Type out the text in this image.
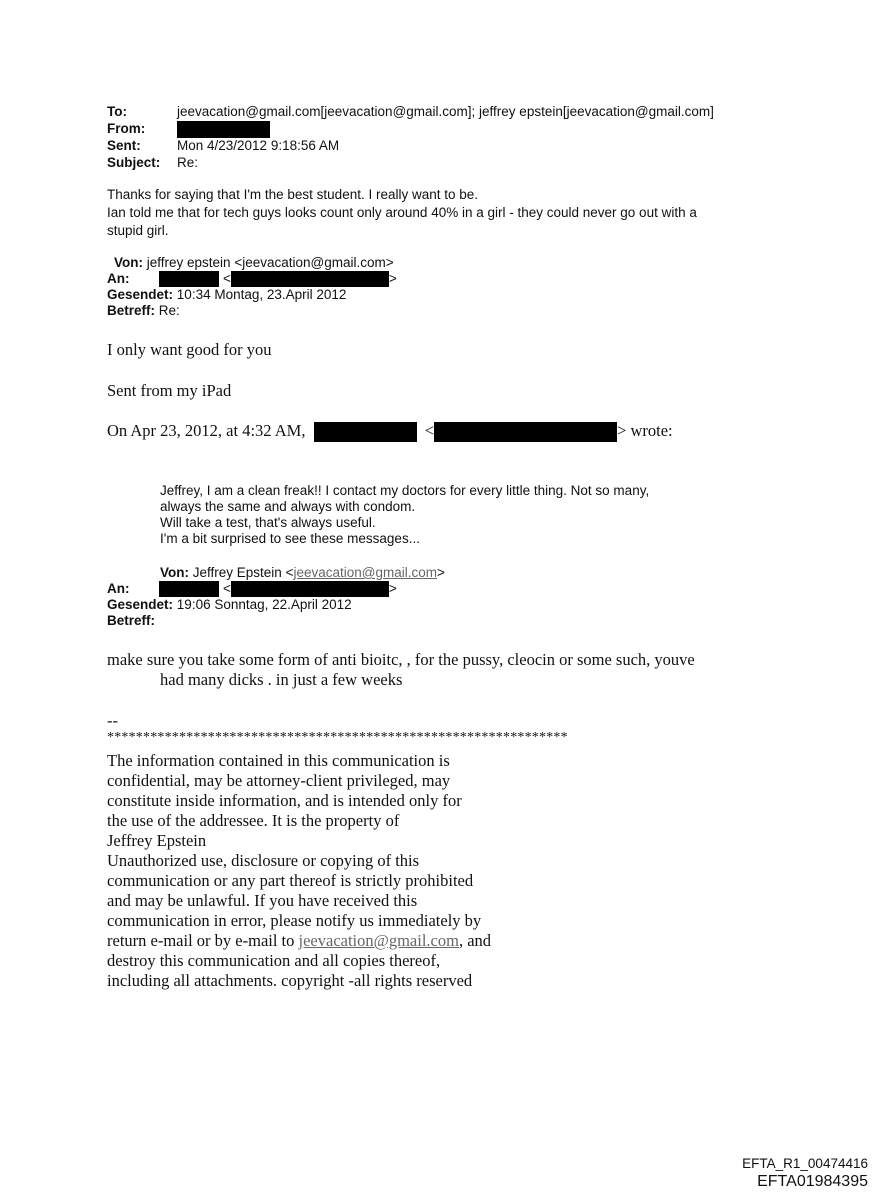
To:	jeevacation@gmail.com[jeevacation@gmail.com]; jeffrey epstein[jeevacation@gmail.com]
From:
Sent:	Mon 4/23/2012 9:18:56 AM
Subject: Re:
Thanks for saying that I'm the best student. I really want to be.
Ian told me that for tech guys looks count only around 40% in a girl - they could never go out with a
stupid girl.
Von: jeffrey epstein <jeevacation@gmail.com>
An:	<	>
Gesendet: 10:34 Montag, 23.April 2012
Betreff: Re:
I only want good for you
Sent from my iPad
On Apr 23, 2012, at 4:32 AM,	<	> wrote:
Jeffrey, I am a clean freak!! I contact my doctors for every little thing. Not so many,
always the same and always with condom.
Will take a test, that's always useful.
I'm a bit surprised to see these messages...
Von: Jeffrey Epstein <jeevacation@gmail.com>
An:	<	>
Gesendet: 19:06 Sonntag, 22.April 2012
Betreff:
make sure you take some form of anti bioitc, , for the pussy, cleocin or some such, youve
had many dicks . in just a few weeks
--
****************************************************************
The information contained in this communication is
confidential, may be attorney-client privileged, may
constitute inside information, and is intended only for
the use of the addressee. It is the property of
Jeffrey Epstein
Unauthorized use, disclosure or copying of this
communication or any part thereof is strictly prohibited
and may be unlawful. If you have received this
communication in error, please notify us immediately by
return e-mail or by e-mail to jeevacation@gmail.com, and
destroy this communication and all copies thereof,
including all attachments. copyright -all rights reserved
EFTA_R1_00474416
EFTA01984395
